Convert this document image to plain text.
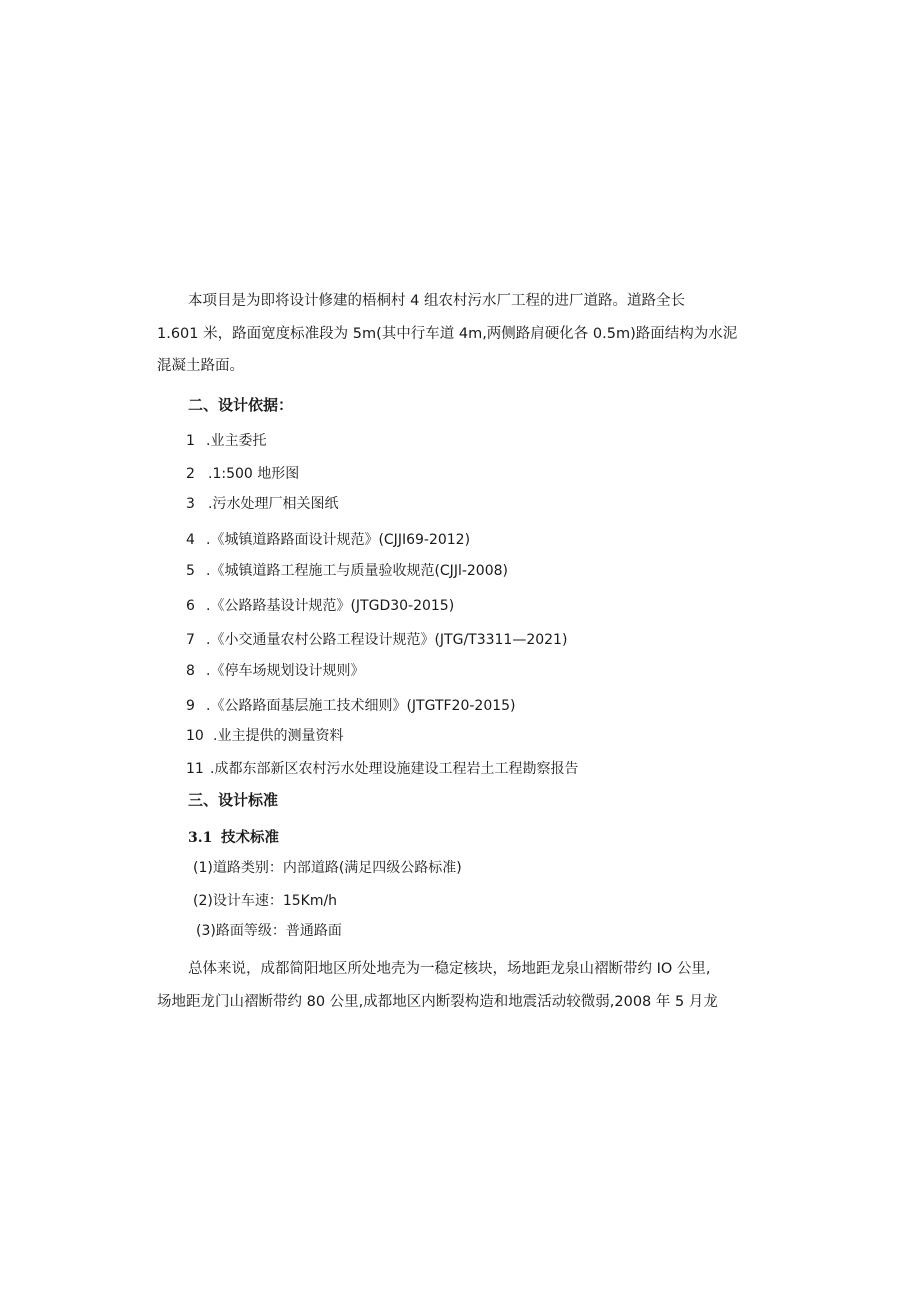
本项目是为即将设计修建的梧桐村 4 组农村污水厂工程的进厂道路。道路全长
1.601 米，路面宽度标准段为 5m(其中行车道 4m,两侧路肩硬化各 0.5m)路面结构为水泥
混凝土路面。
二、设计依据：
1 .业主委托
2 .1:500 地形图
3 .污水处理厂相关图纸
4 .《城镇道路路面设计规范》(CJJI69-2012)
5 .《城镇道路工程施工与质量验收规范(CJJl-2008)
6 .《公路路基设计规范》(JTGD30-2015)
7 .《小交通量农村公路工程设计规范》(JTG/T3311—2021)
8 .《停车场规划设计规则》
9 .《公路路面基层施工技术细则》(JTGTF20-2015)
10 .业主提供的测量资料
11 .成都东部新区农村污水处理设施建设工程岩土工程勘察报告
三、设计标准
3.1 技术标准
(1)道路类别：内部道路(满足四级公路标准)
(2)设计车速：15Km/h
(3)路面等级：普通路面
总体来说，成都简阳地区所处地壳为一稳定核块，场地距龙泉山褶断带约 IO 公里,
场地距龙门山褶断带约 80 公里,成都地区内断裂构造和地震活动较微弱,2008 年 5 月龙
